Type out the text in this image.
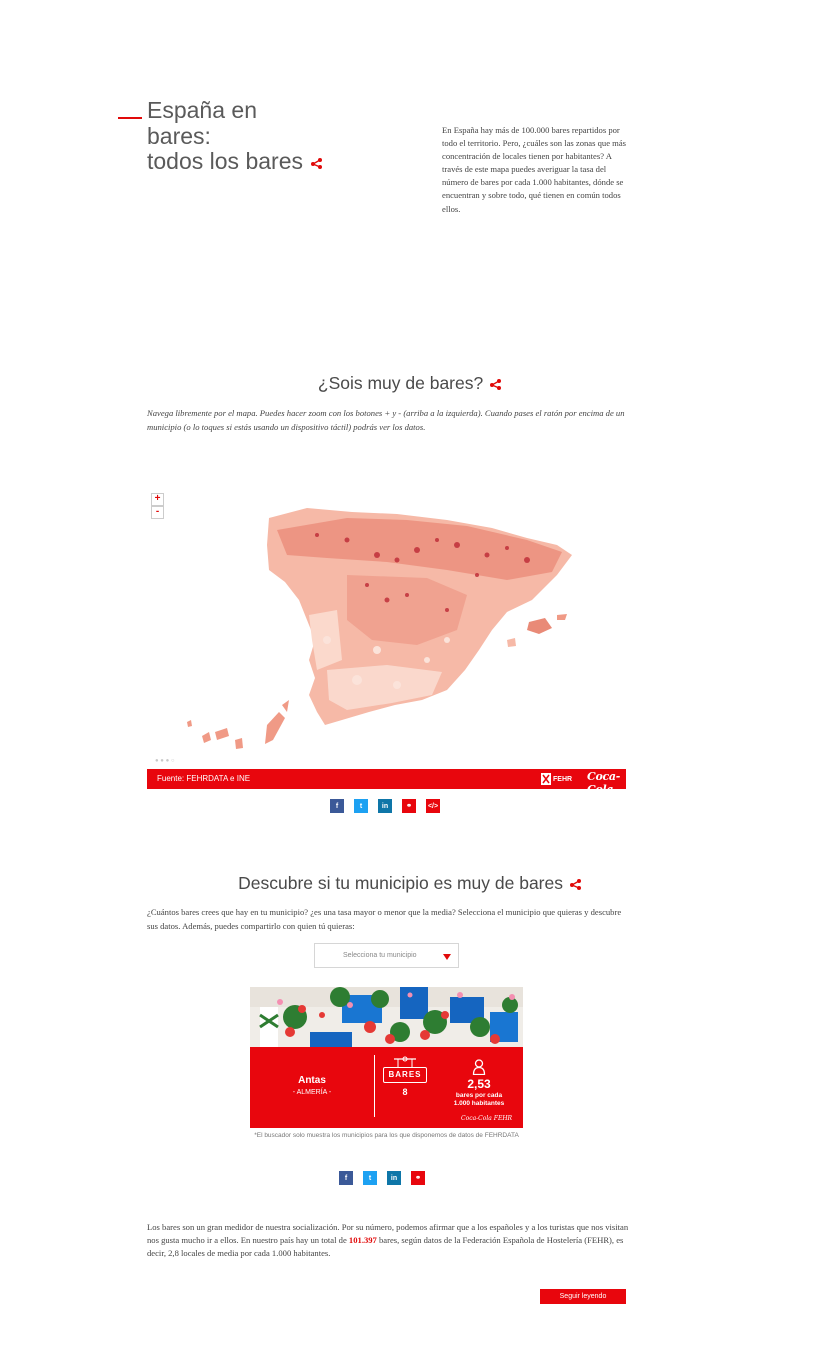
España en
bares:
todos los bares

En España hay más de 100.000 bares repartidos por todo el territorio. Pero, ¿cuáles son las zonas que más concentración de locales tienen por habitantes? A través de este mapa puedes averiguar la tasa del número de bares por cada 1.000 habitantes, dónde se encuentran y sobre todo, qué tienen en común todos ellos.

¿Sois muy de bares?

Navega libremente por el mapa. Puedes hacer zoom con los botones + y - (arriba a la izquierda). Cuando pases el ratón por encima de un municipio (o lo toques si estás usando un dispositivo táctil) podrás ver los datos.

+
-
● ● ● ○
Fuente: FEHRDATA e INE	FEHR Coca-Cola
f	t	in	⚭	</>
Descubre si tu municipio es muy de bares

¿Cuántos bares crees que hay en tu municipio? ¿es una tasa mayor o menor que la media? Selecciona el municipio que quieras y descubre sus datos. Además, puedes compartirlo con quien tú quieras:

Selecciona tu municipio
Antas
- ALMERÍA -
BARES
8
2,53
bares por cada
1.000 habitantes
Coca-Cola FEHR

*El buscador solo muestra los municipios para los que disponemos de datos de FEHRDATA

f	t	in	⚭

Los bares son un gran medidor de nuestra socialización. Por su número, podemos afirmar que a los españoles y a los turistas que nos visitan nos gusta mucho ir a ellos. En nuestro país hay un total de 101.397 bares, según datos de la Federación Española de Hostelería (FEHR), es decir, 2,8 locales de media por cada 1.000 habitantes.

Seguir leyendo
